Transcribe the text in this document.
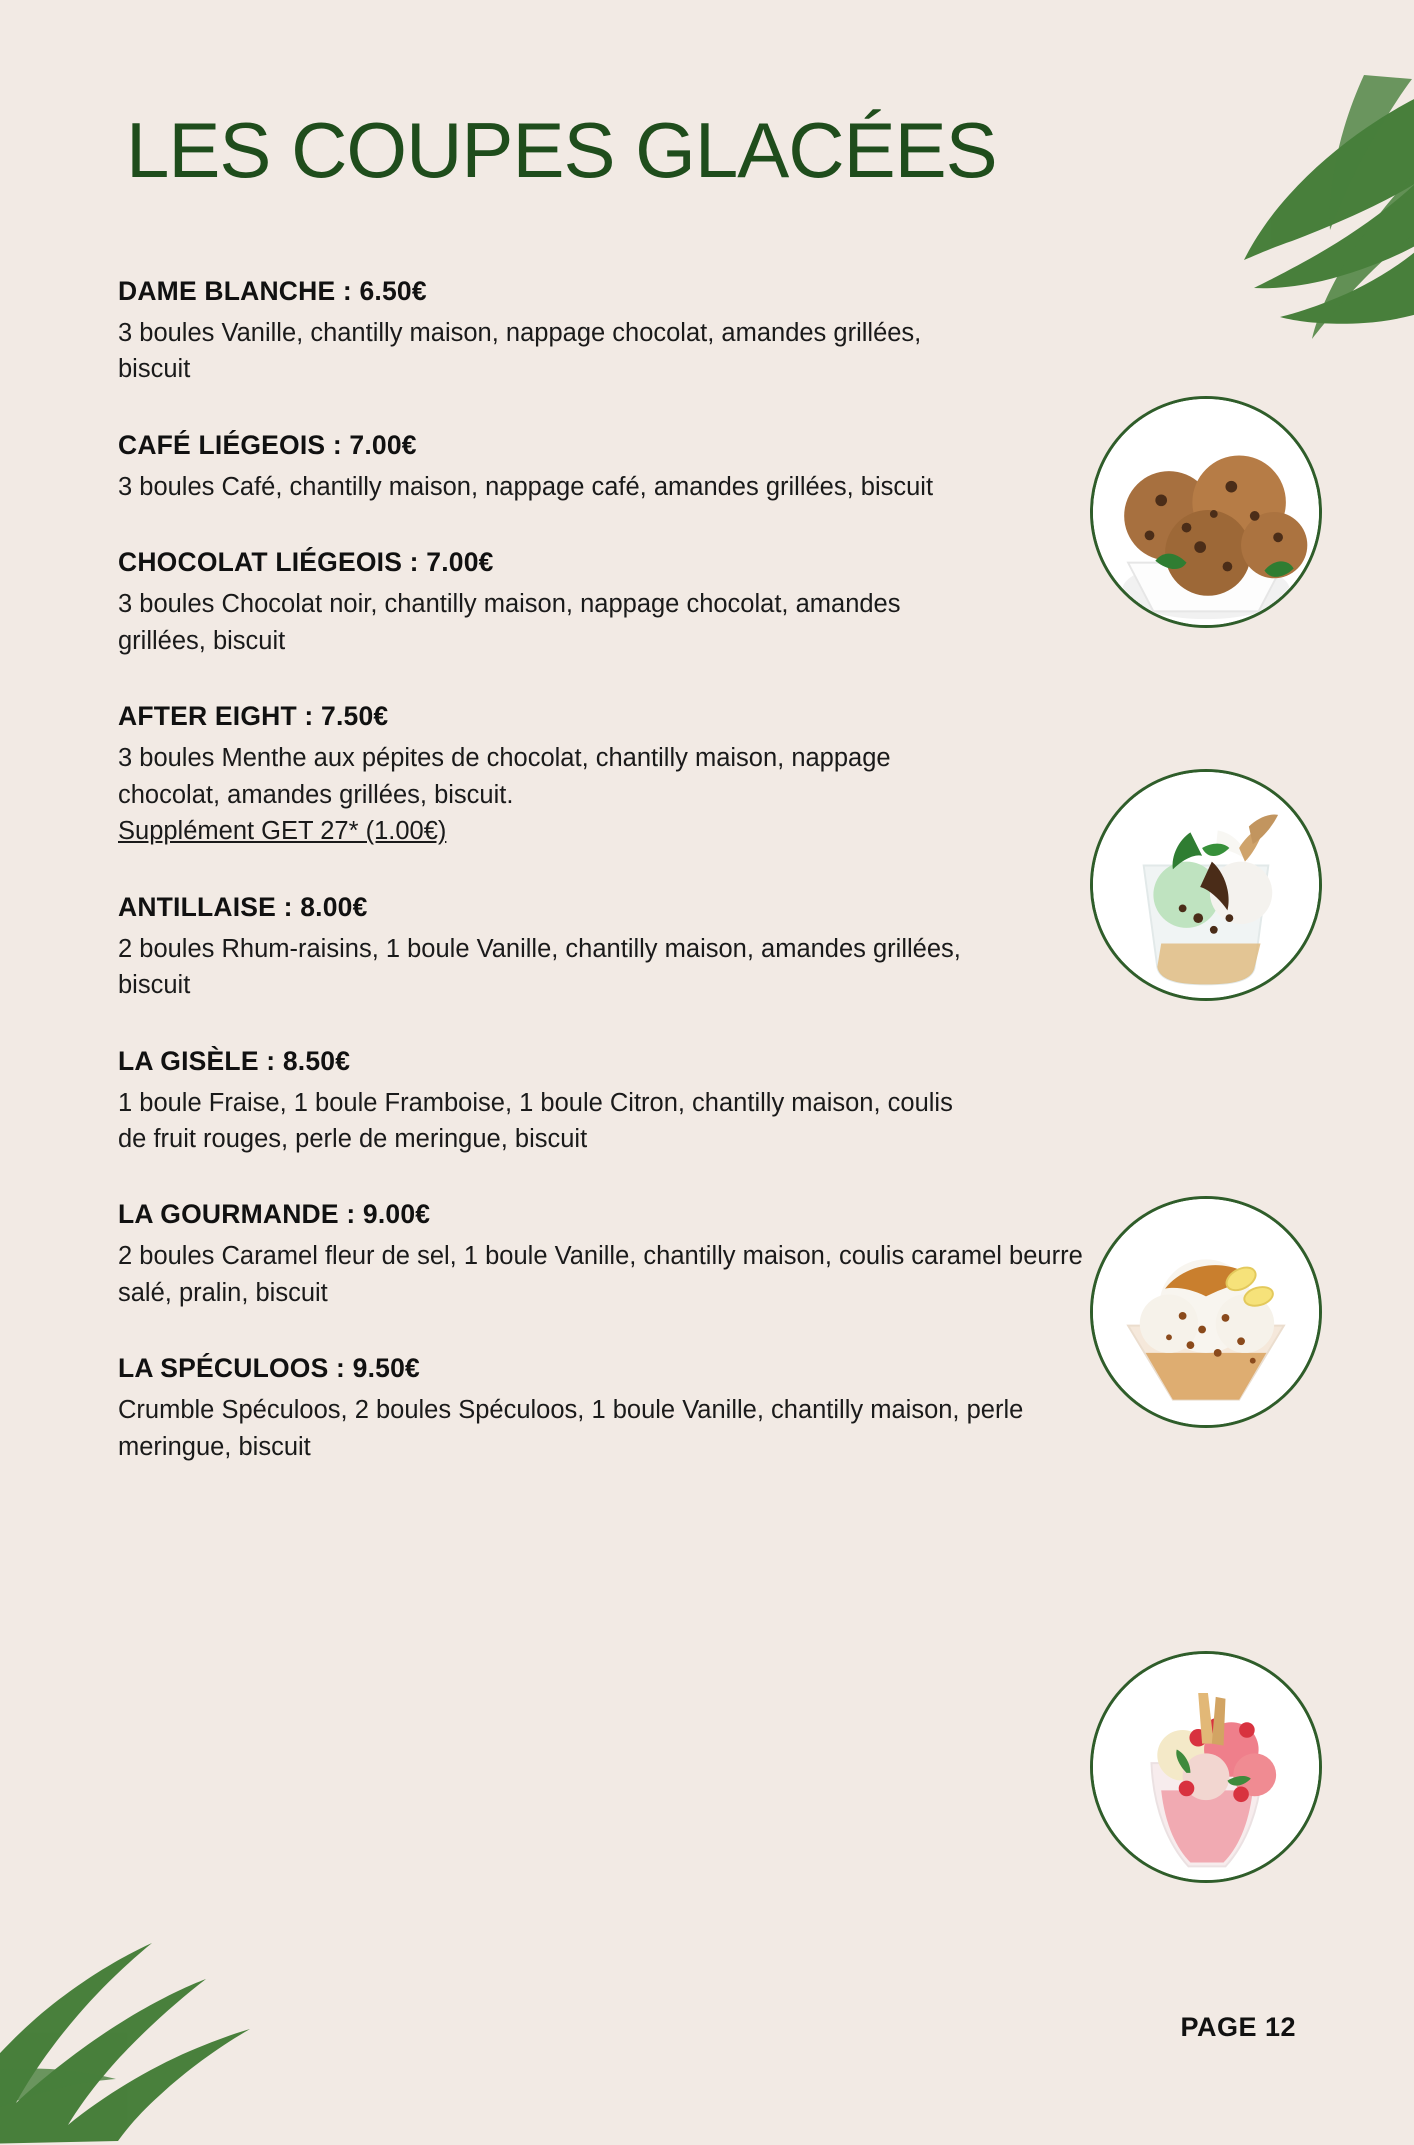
LES COUPES GLACÉES
DAME BLANCHE : 6.50€
3 boules Vanille, chantilly maison, nappage chocolat, amandes grillées, biscuit
CAFÉ LIÉGEOIS : 7.00€
3 boules Café, chantilly maison, nappage café, amandes grillées, biscuit
CHOCOLAT LIÉGEOIS : 7.00€
3 boules Chocolat noir, chantilly maison, nappage chocolat, amandes grillées, biscuit
AFTER EIGHT : 7.50€
3 boules Menthe aux pépites de chocolat, chantilly maison, nappage chocolat, amandes grillées, biscuit.
Supplément GET 27* (1.00€)
ANTILLAISE : 8.00€
2 boules Rhum-raisins, 1 boule Vanille, chantilly maison, amandes grillées, biscuit
LA GISÈLE : 8.50€
1 boule Fraise, 1 boule Framboise, 1 boule Citron, chantilly maison, coulis de fruit rouges, perle de meringue, biscuit
LA GOURMANDE : 9.00€
2 boules Caramel fleur de sel, 1 boule Vanille, chantilly maison, coulis caramel beurre salé, pralin, biscuit
LA SPÉCULOOS : 9.50€
Crumble Spéculoos, 2 boules Spéculoos, 1 boule Vanille, chantilly maison, perle meringue, biscuit
PAGE 12
